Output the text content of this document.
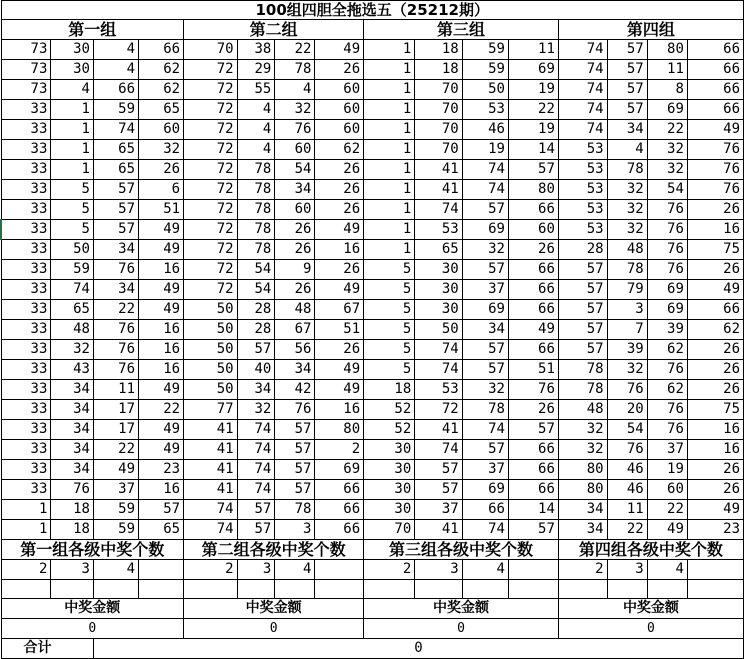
100组四胆全拖选五（25212期）															
第一组				第二组				第三组				第四组			
73	30	4	66	70	38	22	49	1	18	59	11	74	57	80	66
73	30	4	62	72	29	78	26	1	18	59	69	74	57	11	66
73	4	66	62	72	55	4	60	1	70	50	19	74	57	8	66
33	1	59	65	72	4	32	60	1	70	53	22	74	57	69	66
33	1	74	60	72	4	76	60	1	70	46	19	74	34	22	49
33	1	65	32	72	4	60	62	1	70	19	14	53	4	32	76
33	1	65	26	72	78	54	26	1	41	74	57	53	78	32	76
33	5	57	6	72	78	34	26	1	41	74	80	53	32	54	76
33	5	57	51	72	78	60	26	1	74	57	66	53	32	76	26
33	5	57	49	72	78	26	49	1	53	69	60	53	32	76	16
33	50	34	49	72	78	26	16	1	65	32	26	28	48	76	75
33	59	76	16	72	54	9	26	5	30	57	66	57	78	76	26
33	74	34	49	72	54	26	49	5	30	37	66	57	79	69	49
33	65	22	49	50	28	48	67	5	30	69	66	57	3	69	66
33	48	76	16	50	28	67	51	5	50	34	49	57	7	39	62
33	32	76	16	50	57	56	26	5	74	57	66	57	39	62	26
33	43	76	16	50	40	34	49	5	74	57	51	78	32	76	26
33	34	11	49	50	34	42	49	18	53	32	76	78	76	62	26
33	34	17	22	77	32	76	16	52	72	78	26	48	20	76	75
33	34	17	49	41	74	57	80	52	41	74	57	32	54	76	16
33	34	22	49	41	74	57	2	30	74	57	66	32	76	37	16
33	34	49	23	41	74	57	69	30	57	37	66	80	46	19	26
33	76	37	16	41	74	57	66	30	57	69	66	80	46	60	26
1	18	59	57	74	57	78	66	30	37	66	14	34	11	22	49
1	18	59	65	74	57	3	66	70	41	74	57	34	22	49	23
第一组各级中奖个数				第二组各级中奖个数				第三组各级中奖个数				第四组各级中奖个数			
2	3	4		2	3	4		2	3	4		2	3	4	

中奖金额				中奖金额				中奖金额				中奖金额			
0				0				0				0			
合计		0													
